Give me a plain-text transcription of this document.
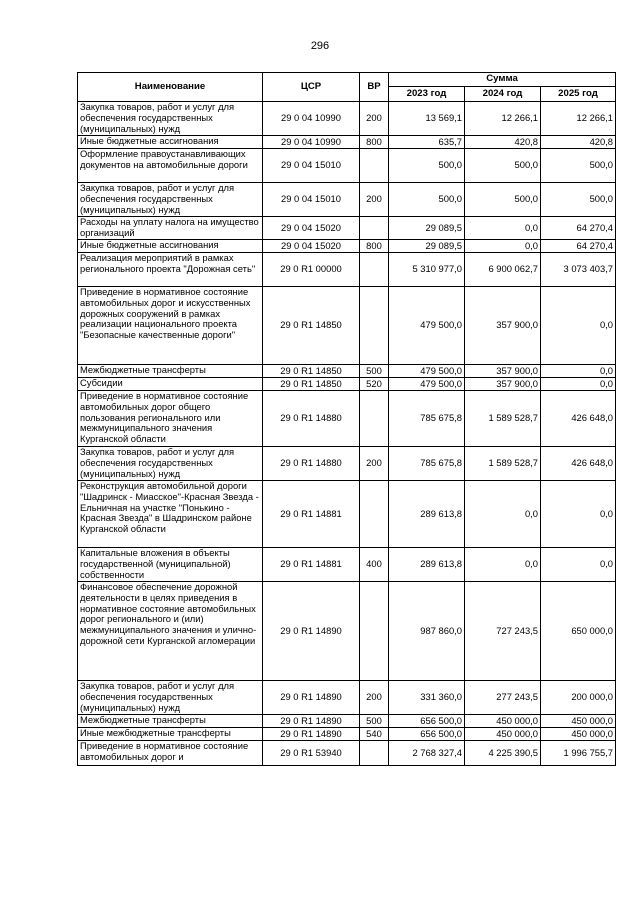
296
Наименование	ЦСР	ВР	Сумма		
			2023 год	2024 год	2025 год
Закупка товаров, работ и услуг для обеспечения государственных (муниципальных) нужд	29 0 04 10990	200	13 569,1	12 266,1	12 266,1
Иные бюджетные ассигнования	29 0 04 10990	800	635,7	420,8	420,8
Оформление правоустанавливающих документов на автомобильные дороги	29 0 04 15010		500,0	500,0	500,0
Закупка товаров, работ и услуг для обеспечения государственных (муниципальных) нужд	29 0 04 15010	200	500,0	500,0	500,0
Расходы на уплату налога на имущество организаций	29 0 04 15020		29 089,5	0,0	64 270,4
Иные бюджетные ассигнования	29 0 04 15020	800	29 089,5	0,0	64 270,4
Реализация мероприятий в рамках регионального проекта "Дорожная сеть"	29 0 R1 00000		5 310 977,0	6 900 062,7	3 073 403,7
Приведение в нормативное состояние автомобильных дорог и искусственных дорожных сооружений в рамках реализации национального проекта "Безопасные качественные дороги"	29 0 R1 14850		479 500,0	357 900,0	0,0
Межбюджетные трансферты	29 0 R1 14850	500	479 500,0	357 900,0	0,0
Субсидии	29 0 R1 14850	520	479 500,0	357 900,0	0,0
Приведение в нормативное состояние автомобильных дорог общего пользования регионального или межмуниципального значения Курганской области	29 0 R1 14880		785 675,8	1 589 528,7	426 648,0
Закупка товаров, работ и услуг для обеспечения государственных (муниципальных) нужд	29 0 R1 14880	200	785 675,8	1 589 528,7	426 648,0
Реконструкция автомобильной дороги "Шадринск - Миасское"-Красная Звезда - Ельничная на участке "Понькино - Красная Звезда" в Шадринском районе Курганской области	29 0 R1 14881		289 613,8	0,0	0,0
Капитальные вложения в объекты государственной (муниципальной) собственности	29 0 R1 14881	400	289 613,8	0,0	0,0
Финансовое обеспечение дорожной деятельности в целях приведения в нормативное состояние автомобильных дорог регионального и (или) межмуниципального значения и улично-дорожной сети Курганской агломерации	29 0 R1 14890		987 860,0	727 243,5	650 000,0
Закупка товаров, работ и услуг для обеспечения государственных (муниципальных) нужд	29 0 R1 14890	200	331 360,0	277 243,5	200 000,0
Межбюджетные трансферты	29 0 R1 14890	500	656 500,0	450 000,0	450 000,0
Иные межбюджетные трансферты	29 0 R1 14890	540	656 500,0	450 000,0	450 000,0
Приведение в нормативное состояние автомобильных дорог и	29 0 R1 53940		2 768 327,4	4 225 390,5	1 996 755,7
